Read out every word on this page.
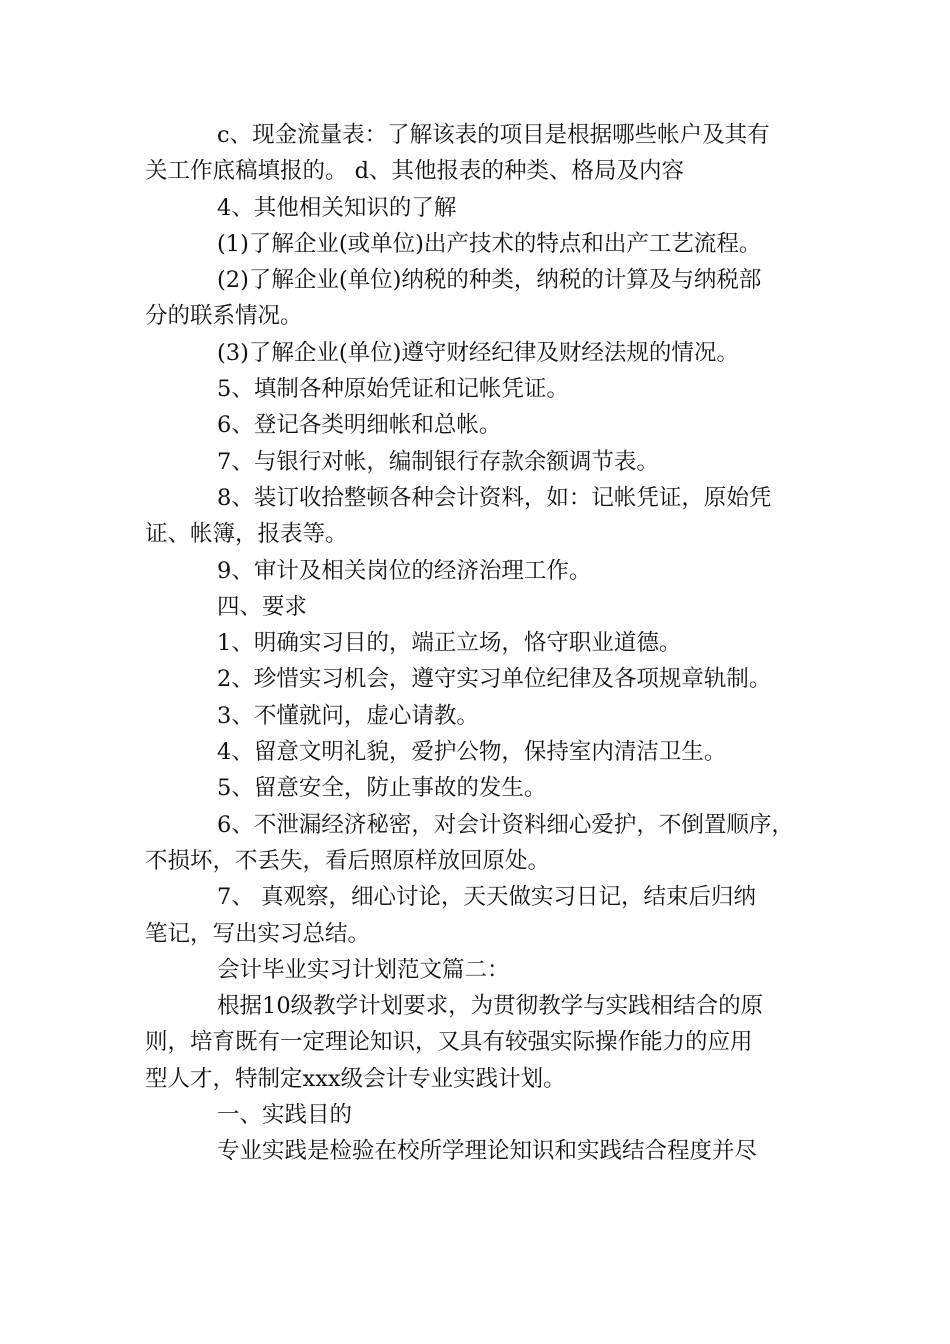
c、现金流量表：了解该表的项目是根据哪些帐户及其有
关工作底稿填报的。 d、其他报表的种类、格局及内容
4、其他相关知识的了解
(1)了解企业(或单位)出产技术的特点和出产工艺流程。
(2)了解企业(单位)纳税的种类，纳税的计算及与纳税部
分的联系情况。
(3)了解企业(单位)遵守财经纪律及财经法规的情况。
5、填制各种原始凭证和记帐凭证。
6、登记各类明细帐和总帐。
7、与银行对帐，编制银行存款余额调节表。
8、装订收拾整顿各种会计资料，如：记帐凭证，原始凭
证、帐簿，报表等。
9、审计及相关岗位的经济治理工作。
四、要求
1、明确实习目的，端正立场，恪守职业道德。
2、珍惜实习机会，遵守实习单位纪律及各项规章轨制。
3、不懂就问，虚心请教。
4、留意文明礼貌，爱护公物，保持室内清洁卫生。
5、留意安全，防止事故的发生。
6、不泄漏经济秘密，对会计资料细心爱护，不倒置顺序，
不损坏，不丢失，看后照原样放回原处。
7、 真观察，细心讨论，天天做实习日记，结束后归纳
笔记，写出实习总结。
会计毕业实习计划范文篇二：
根据10级教学计划要求，为贯彻教学与实践相结合的原
则，培育既有一定理论知识，又具有较强实际操作能力的应用
型人才，特制定xxx级会计专业实践计划。
一、实践目的
专业实践是检验在校所学理论知识和实践结合程度并尽
